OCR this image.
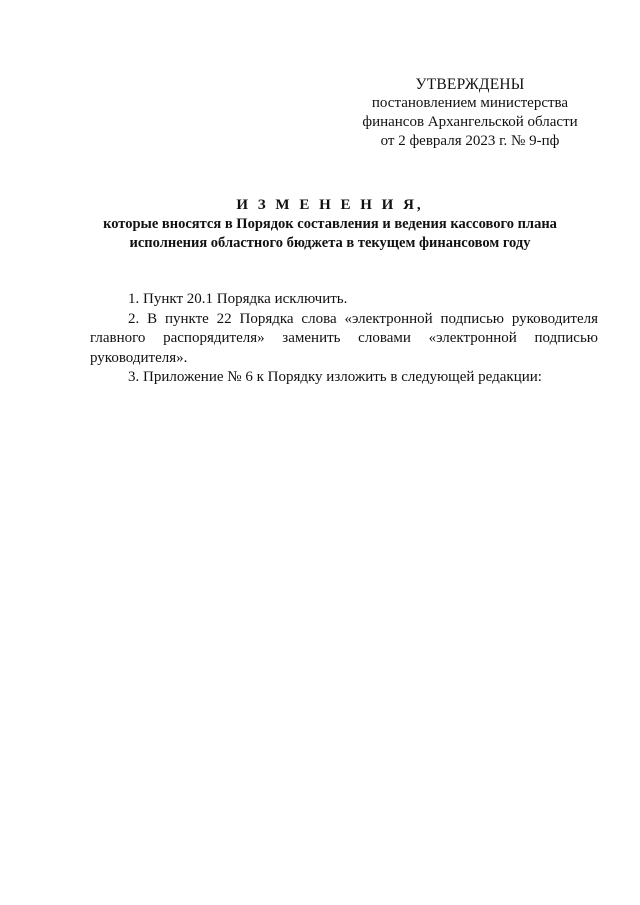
УТВЕРЖДЕНЫ
постановлением министерства
финансов Архангельской области
от 2 февраля 2023 г. № 9-пф
И З М Е Н Е Н И Я,
которые вносятся в Порядок составления и ведения кассового плана
исполнения областного бюджета в текущем финансовом году

1. Пункт 20.1 Порядка исключить.

2. В пункте 22 Порядка слова «электронной подписью руководителя главного распорядителя» заменить словами «электронной подписью руководителя».

3. Приложение № 6 к Порядку изложить в следующей редакции:
